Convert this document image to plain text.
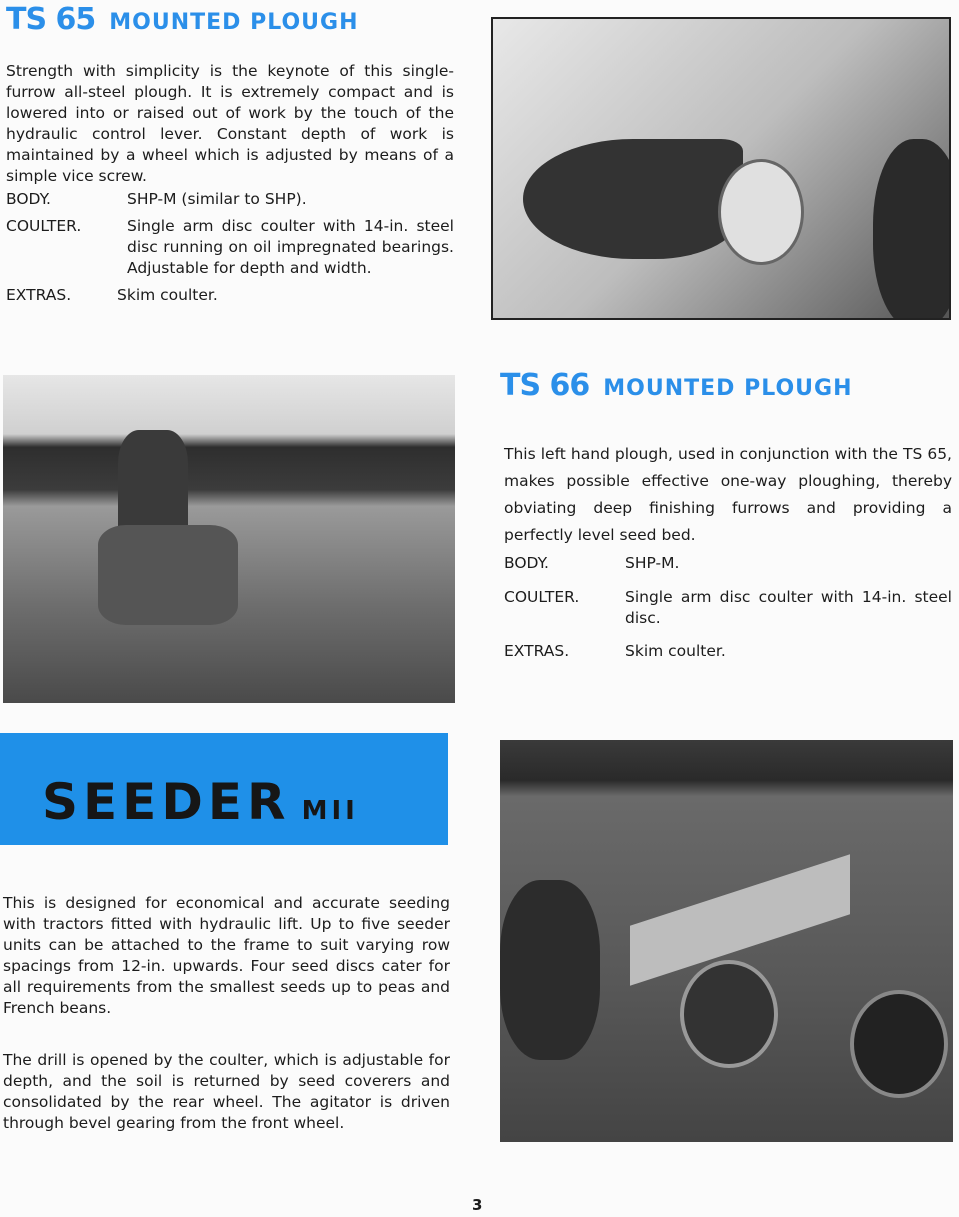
TS 65 MOUNTED PLOUGH
Strength with simplicity is the keynote of this single-furrow all-steel plough. It is extremely compact and is lowered into or raised out of work by the touch of the hydraulic control lever. Constant depth of work is maintained by a wheel which is adjusted by means of a simple vice screw.
BODY.	SHP-M (similar to SHP).
COULTER.	Single arm disc coulter with 14-in. steel disc running on oil impregnated bearings. Adjustable for depth and width.
EXTRAS.	Skim coulter.
TS 66 MOUNTED PLOUGH
This left hand plough, used in conjunction with the TS 65, makes possible effective one-way ploughing, thereby obviating deep finishing furrows and providing a perfectly level seed bed.
BODY.	SHP-M.
COULTER.	Single arm disc coulter with 14-in. steel disc.
EXTRAS.	Skim coulter.
SEEDER MII
This is designed for economical and accurate seeding with tractors fitted with hydraulic lift. Up to five seeder units can be attached to the frame to suit varying row spacings from 12-in. upwards. Four seed discs cater for all requirements from the smallest seeds up to peas and French beans.
The drill is opened by the coulter, which is adjustable for depth, and the soil is returned by seed coverers and consolidated by the rear wheel. The agitator is driven through bevel gearing from the front wheel.
3
